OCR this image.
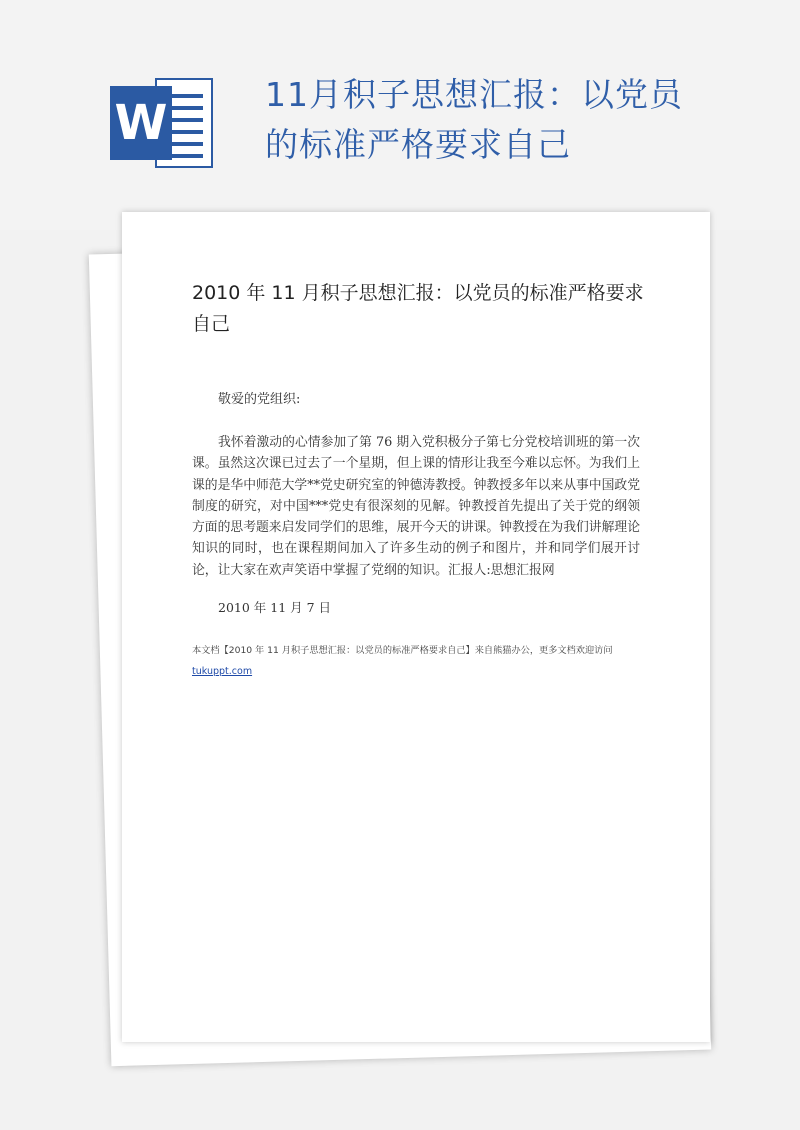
W
11月积子思想汇报：以党员的标准严格要求自己
2010 年 11 月积子思想汇报：以党员的标准严格要求自己
敬爱的党组织:
我怀着激动的心情参加了第 76 期入党积极分子第七分党校培训班的第一次课。虽然这次课已过去了一个星期，但上课的情形让我至今难以忘怀。为我们上课的是华中师范大学**党史研究室的钟德涛教授。钟教授多年以来从事中国政党制度的研究，对中国***党史有很深刻的见解。钟教授首先提出了关于党的纲领方面的思考题来启发同学们的思维，展开今天的讲课。钟教授在为我们讲解理论知识的同时，也在课程期间加入了许多生动的例子和图片，并和同学们展开讨论，让大家在欢声笑语中掌握了党纲的知识。汇报人:思想汇报网
2010 年 11 月 7 日
本文档【2010 年 11 月积子思想汇报：以党员的标准严格要求自己】来自熊猫办公，更多文档欢迎访问
tukuppt.com
